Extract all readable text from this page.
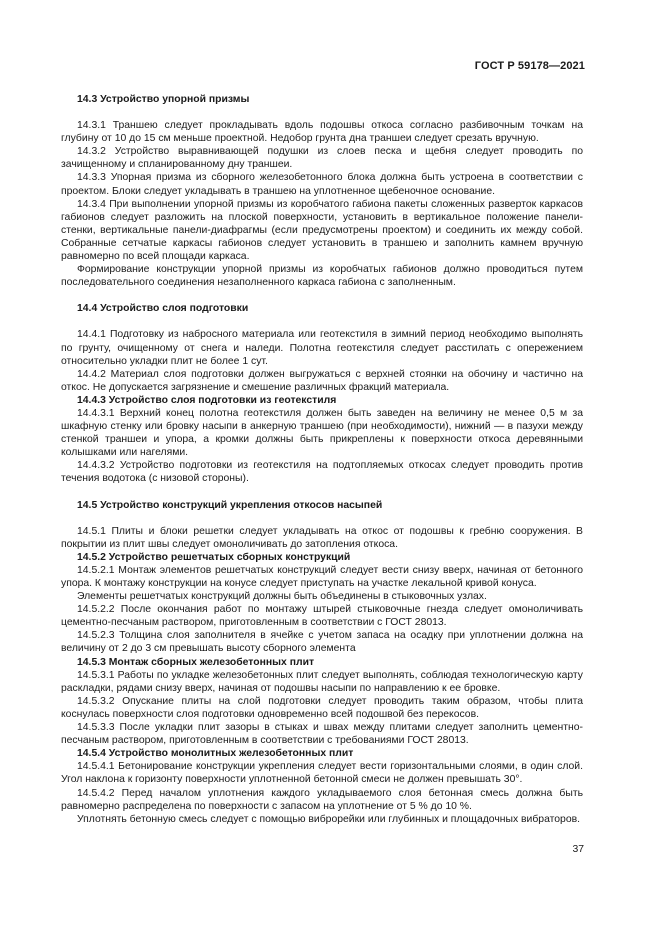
ГОСТ Р 59178—2021
14.3 Устройство упорной призмы

14.3.1 Траншею следует прокладывать вдоль подошвы откоса согласно разбивочным точкам на глубину от 10 до 15 см меньше проектной. Недобор грунта дна траншеи следует срезать вручную.

14.3.2 Устройство выравнивающей подушки из слоев песка и щебня следует проводить по зачищенному и спланированному дну траншеи.

14.3.3 Упорная призма из сборного железобетонного блока должна быть устроена в соответствии с проектом. Блоки следует укладывать в траншею на уплотненное щебеночное основание.

14.3.4 При выполнении упорной призмы из коробчатого габиона пакеты сложенных разверток каркасов габионов следует разложить на плоской поверхности, установить в вертикальное положение панели-стенки, вертикальные панели-диафрагмы (если предусмотрены проектом) и соединить их между собой. Собранные сетчатые каркасы габионов следует установить в траншею и заполнить камнем вручную равномерно по всей площади каркаса.

Формирование конструкции упорной призмы из коробчатых габионов должно проводиться путем последовательного соединения незаполненного каркаса габиона с заполненным.

14.4 Устройство слоя подготовки

14.4.1 Подготовку из набросного материала или геотекстиля в зимний период необходимо выполнять по грунту, очищенному от снега и наледи. Полотна геотекстиля следует расстилать с опережением относительно укладки плит не более 1 сут.

14.4.2 Материал слоя подготовки должен выгружаться с верхней стоянки на обочину и частично на откос. Не допускается загрязнение и смешение различных фракций материала.

14.4.3 Устройство слоя подготовки из геотекстиля

14.4.3.1 Верхний конец полотна геотекстиля должен быть заведен на величину не менее 0,5 м за шкафную стенку или бровку насыпи в анкерную траншею (при необходимости), нижний — в пазухи между стенкой траншеи и упора, а кромки должны быть прикреплены к поверхности откоса деревянными колышками или нагелями.

14.4.3.2 Устройство подготовки из геотекстиля на подтопляемых откосах следует проводить против течения водотока (с низовой стороны).

14.5 Устройство конструкций укрепления откосов насыпей

14.5.1 Плиты и блоки решетки следует укладывать на откос от подошвы к гребню сооружения. В покрытии из плит швы следует омоноличивать до затопления откоса.

14.5.2 Устройство решетчатых сборных конструкций

14.5.2.1 Монтаж элементов решетчатых конструкций следует вести снизу вверх, начиная от бетонного упора. К монтажу конструкции на конусе следует приступать на участке лекальной кривой конуса.

Элементы решетчатых конструкций должны быть объединены в стыковочных узлах.

14.5.2.2 После окончания работ по монтажу штырей стыковочные гнезда следует омоноличивать цементно-песчаным раствором, приготовленным в соответствии с ГОСТ 28013.

14.5.2.3 Толщина слоя заполнителя в ячейке с учетом запаса на осадку при уплотнении должна на величину от 2 до 3 см превышать высоту сборного элемента

14.5.3 Монтаж сборных железобетонных плит

14.5.3.1 Работы по укладке железобетонных плит следует выполнять, соблюдая технологическую карту раскладки, рядами снизу вверх, начиная от подошвы насыпи по направлению к ее бровке.

14.5.3.2 Опускание плиты на слой подготовки следует проводить таким образом, чтобы плита коснулась поверхности слоя подготовки одновременно всей подошвой без перекосов.

14.5.3.3 После укладки плит зазоры в стыках и швах между плитами следует заполнить цементно-песчаным раствором, приготовленным в соответствии с требованиями ГОСТ 28013.

14.5.4 Устройство монолитных железобетонных плит

14.5.4.1 Бетонирование конструкции укрепления следует вести горизонтальными слоями, в один слой. Угол наклона к горизонту поверхности уплотненной бетонной смеси не должен превышать 30°.

14.5.4.2 Перед началом уплотнения каждого укладываемого слоя бетонная смесь должна быть равномерно распределена по поверхности с запасом на уплотнение от 5 % до 10 %.

Уплотнять бетонную смесь следует с помощью виброрейки или глубинных и площадочных вибраторов.

37
